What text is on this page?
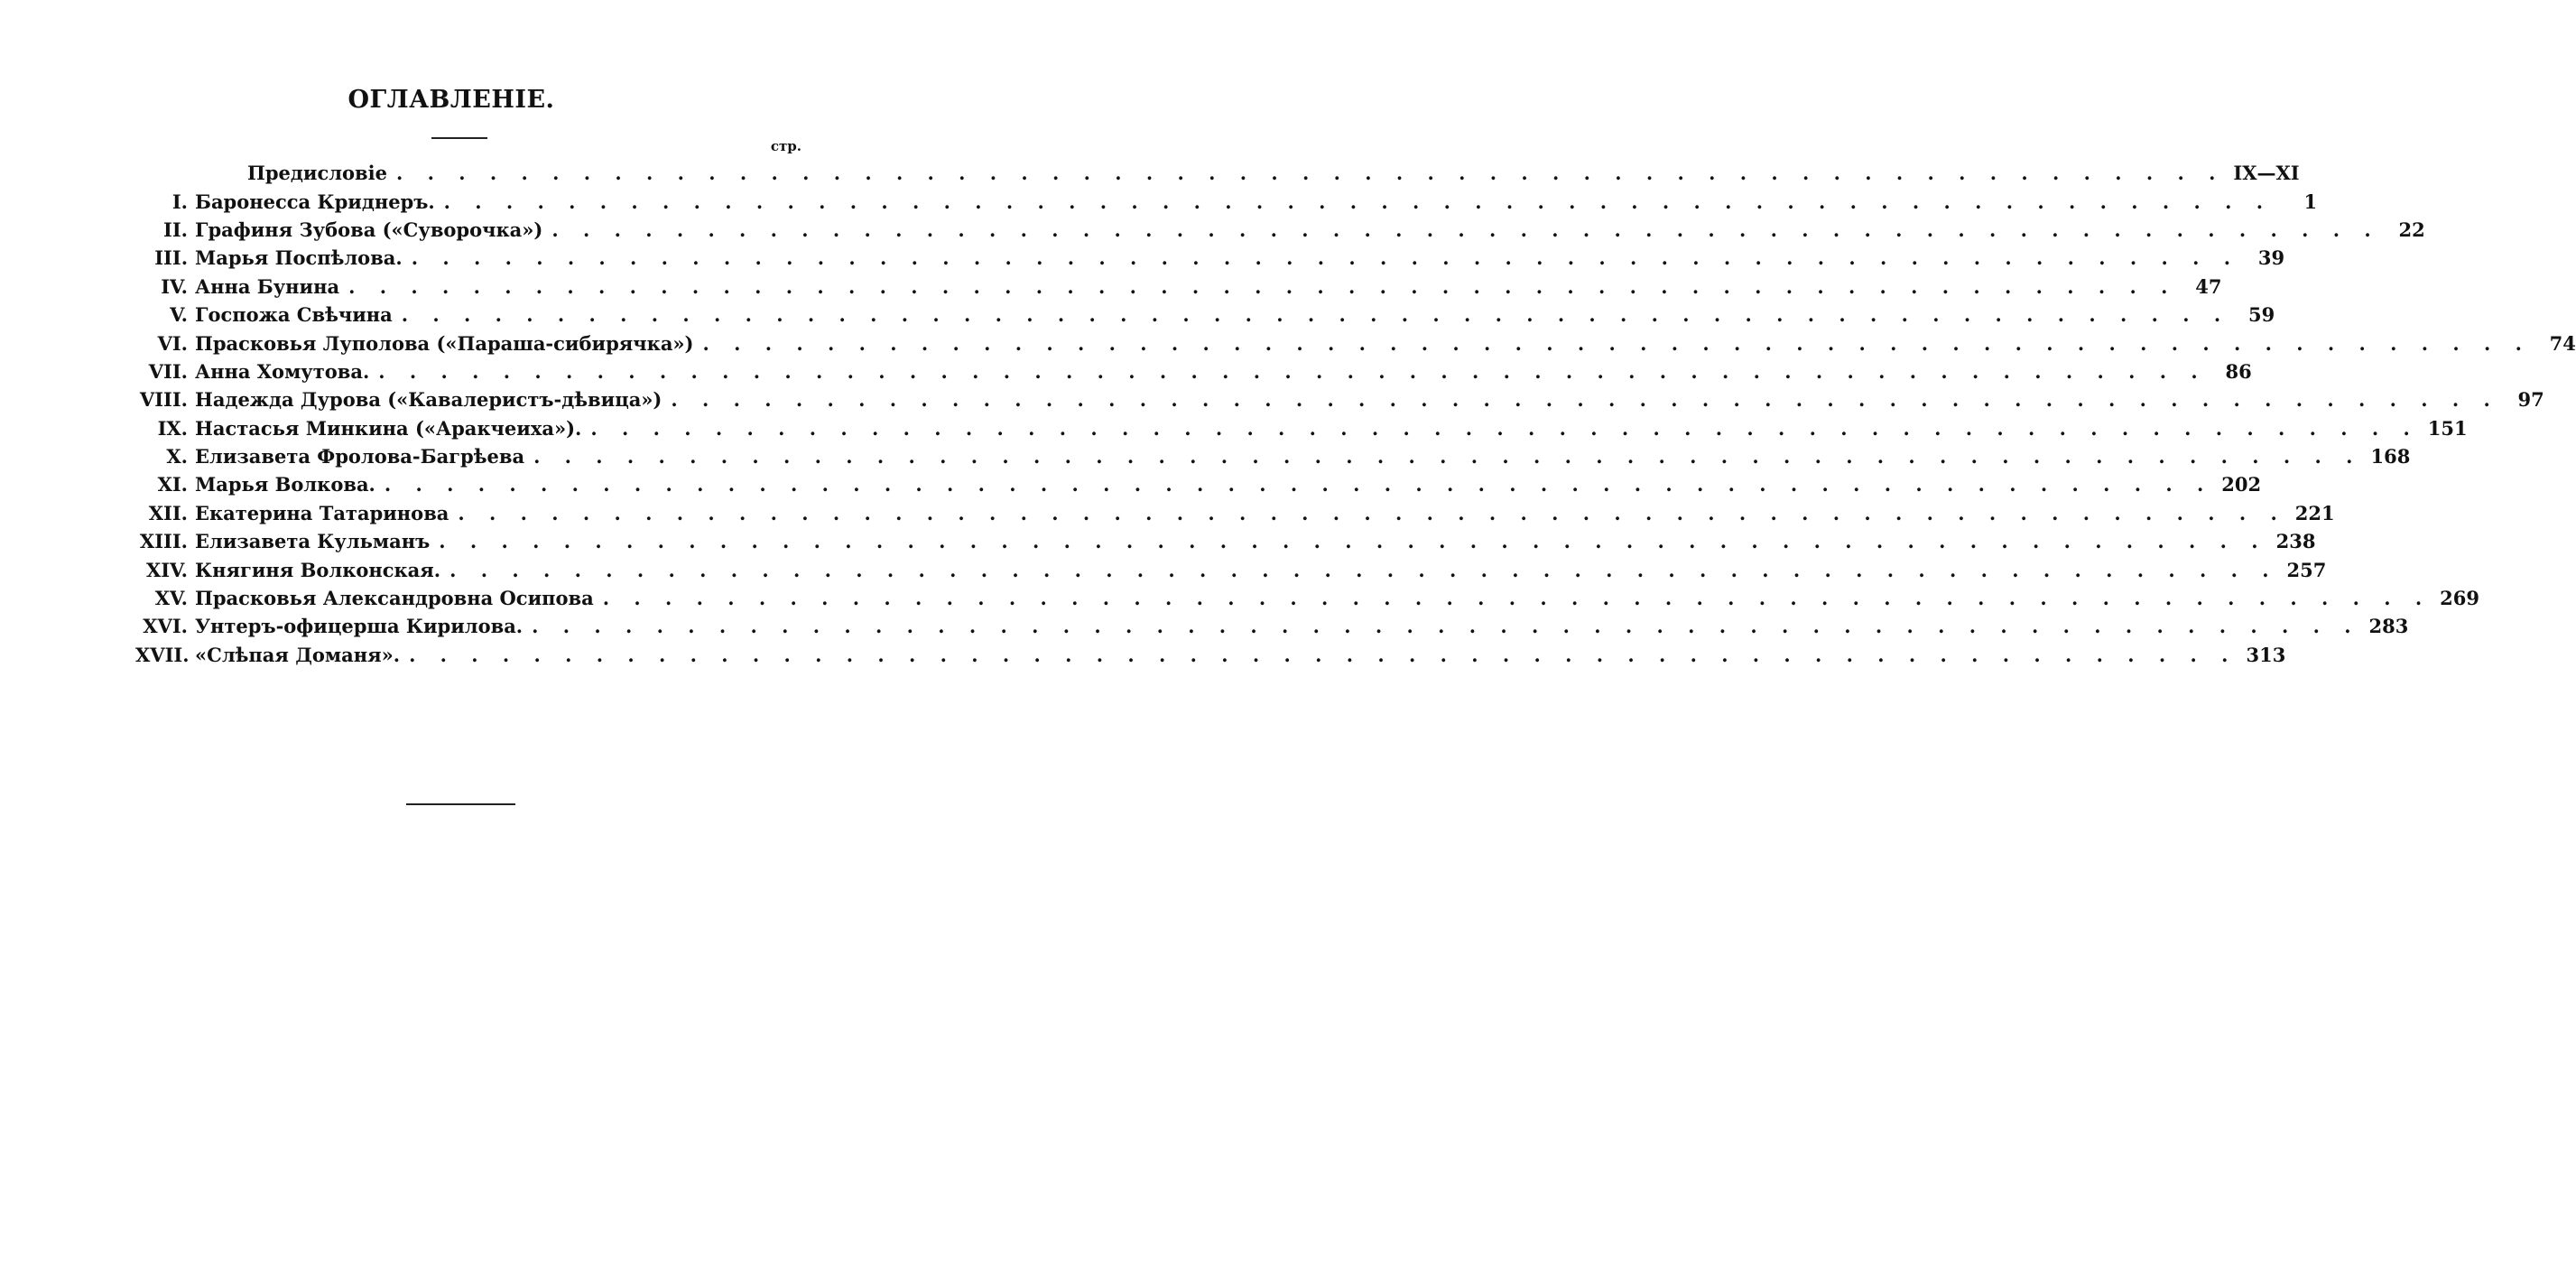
ОГЛАВЛЕНІЕ.
стр.
Предисловіе . . . . . . . . . . . . . . . . . . . . . . . . . . . . . . . . . . . . . . . . . . . . . . . . . . . . . . . . . . . IX—XI
I. Баронесса Криднеръ. . . . . . . . . . . . . . . . . . . . . . . . . . . . . . . . . . . . . . . . . . . . . . . . . . . . . . . . . . . .	1
II. Графиня Зубова («Суворочка») . . . . . . . . . . . . . . . . . . . . . . . . . . . . . . . . . . . . . . . . . . . . . . . . . . . . . . . . . . . 22
III. Марья Поспѣлова. . . . . . . . . . . . . . . . . . . . . . . . . . . . . . . . . . . . . . . . . . . . . . . . . . . . . . . . . . . . 39
IV. Анна Бунина . . . . . . . . . . . . . . . . . . . . . . . . . . . . . . . . . . . . . . . . . . . . . . . . . . . . . . . . . . . 47
V. Госпожа Свѣчина . . . . . . . . . . . . . . . . . . . . . . . . . . . . . . . . . . . . . . . . . . . . . . . . . . . . . . . . . . . 59
VI. Прасковья Луполова («Параша-сибирячка») . . . . . . . . . . . . . . . . . . . . . . . . . . . . . . . . . . . . . . . . . . . . . . . . . . . . . . . . . . . 74
VII. Анна Хомутова. . . . . . . . . . . . . . . . . . . . . . . . . . . . . . . . . . . . . . . . . . . . . . . . . . . . . . . . . . . . 86
VIII. Надежда Дурова («Кавалеристъ-дѣвица») . . . . . . . . . . . . . . . . . . . . . . . . . . . . . . . . . . . . . . . . . . . . . . . . . . . . . . . . . . . 97
IX. Настасья Минкина («Аракчеиха»). . . . . . . . . . . . . . . . . . . . . . . . . . . . . . . . . . . . . . . . . . . . . . . . . . . . . . . . . . . . 151
X. Елизавета Фролова-Багрѣева . . . . . . . . . . . . . . . . . . . . . . . . . . . . . . . . . . . . . . . . . . . . . . . . . . . . . . . . . . . 168
XI. Марья Волкова. . . . . . . . . . . . . . . . . . . . . . . . . . . . . . . . . . . . . . . . . . . . . . . . . . . . . . . . . . . . 202
XII. Екатерина Татаринова . . . . . . . . . . . . . . . . . . . . . . . . . . . . . . . . . . . . . . . . . . . . . . . . . . . . . . . . . . . 221
XIII. Елизавета Кульманъ . . . . . . . . . . . . . . . . . . . . . . . . . . . . . . . . . . . . . . . . . . . . . . . . . . . . . . . . . . . 238
XIV. Княгиня Волконская. . . . . . . . . . . . . . . . . . . . . . . . . . . . . . . . . . . . . . . . . . . . . . . . . . . . . . . . . . . . 257
XV. Прасковья Александровна Осипова . . . . . . . . . . . . . . . . . . . . . . . . . . . . . . . . . . . . . . . . . . . . . . . . . . . . . . . . . . . 269
XVI. Унтеръ-офицерша Кирилова. . . . . . . . . . . . . . . . . . . . . . . . . . . . . . . . . . . . . . . . . . . . . . . . . . . . . . . . . . . . 283
XVII. «Слѣпая Доманя». . . . . . . . . . . . . . . . . . . . . . . . . . . . . . . . . . . . . . . . . . . . . . . . . . . . . . . . . . . . 313
